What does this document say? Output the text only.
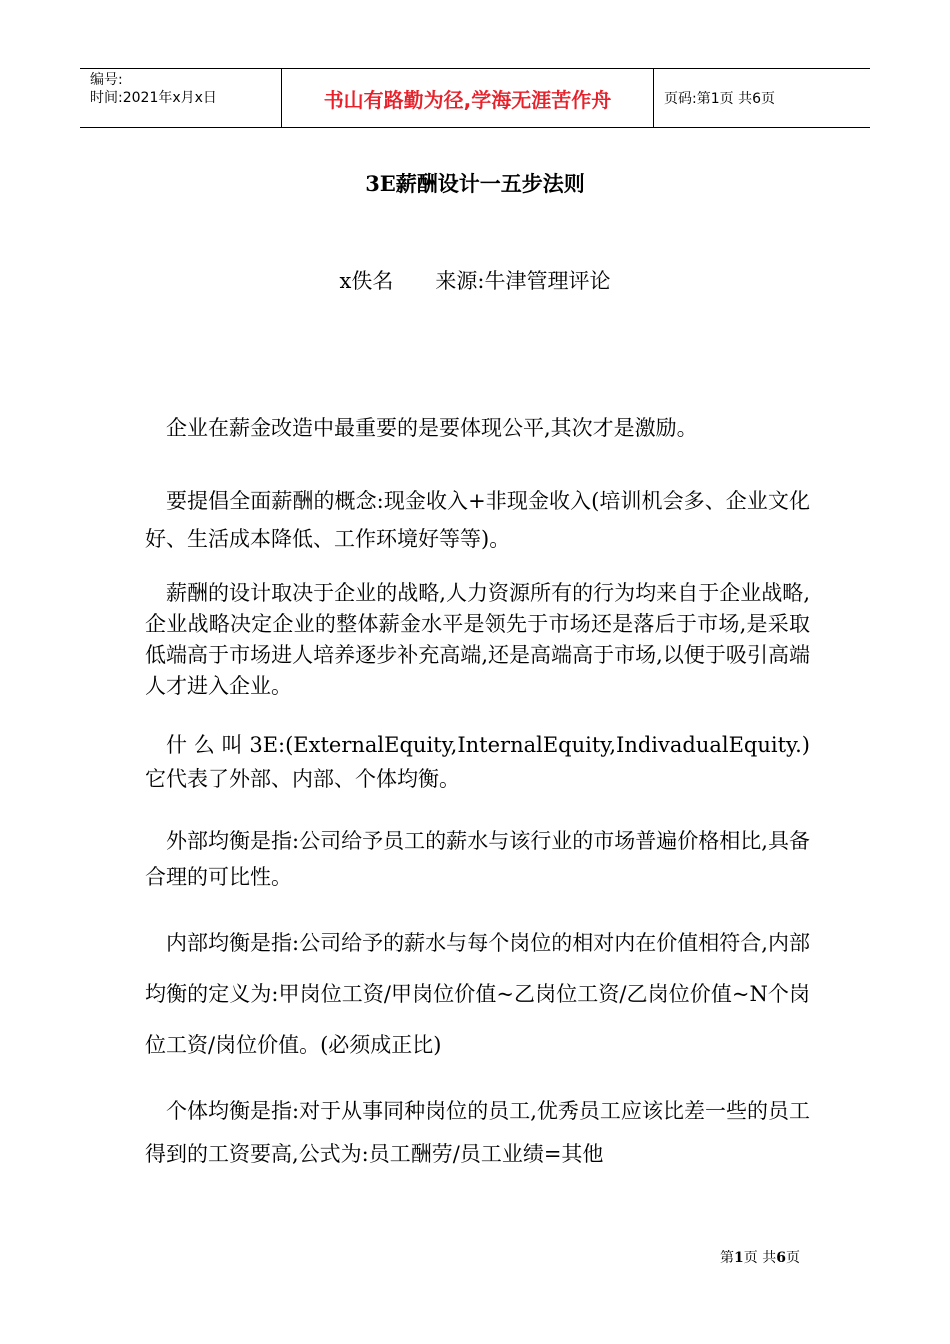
编号:
时间:2021年x月x日	书山有路勤为径,学海无涯苦作舟	页码:第1页 共6页
3E薪酬设计一五步法则
x佚名　　来源:牛津管理评论
企业在薪金改造中最重要的是要体现公平,其次才是激励。
要提倡全面薪酬的概念:现金收入+非现金收入(培训机会多、企业文化好、生活成本降低、工作环境好等等)。
薪酬的设计取决于企业的战略,人力资源所有的行为均来自于企业战略,企业战略决定企业的整体薪金水平是领先于市场还是落后于市场,是采取低端高于市场进人培养逐步补充高端,还是高端高于市场,以便于吸引高端人才进入企业。
什么叫3E:(ExternalEquity,InternalEquity,IndivadualEquity.)它代表了外部、内部、个体均衡。
外部均衡是指:公司给予员工的薪水与该行业的市场普遍价格相比,具备合理的可比性。
内部均衡是指:公司给予的薪水与每个岗位的相对内在价值相符合,内部均衡的定义为:甲岗位工资/甲岗位价值~乙岗位工资/乙岗位价值~N个岗位工资/岗位价值。(必须成正比)
个体均衡是指:对于从事同种岗位的员工,优秀员工应该比差一些的员工得到的工资要高,公式为:员工酬劳/员工业绩=其他
第1页 共6页
